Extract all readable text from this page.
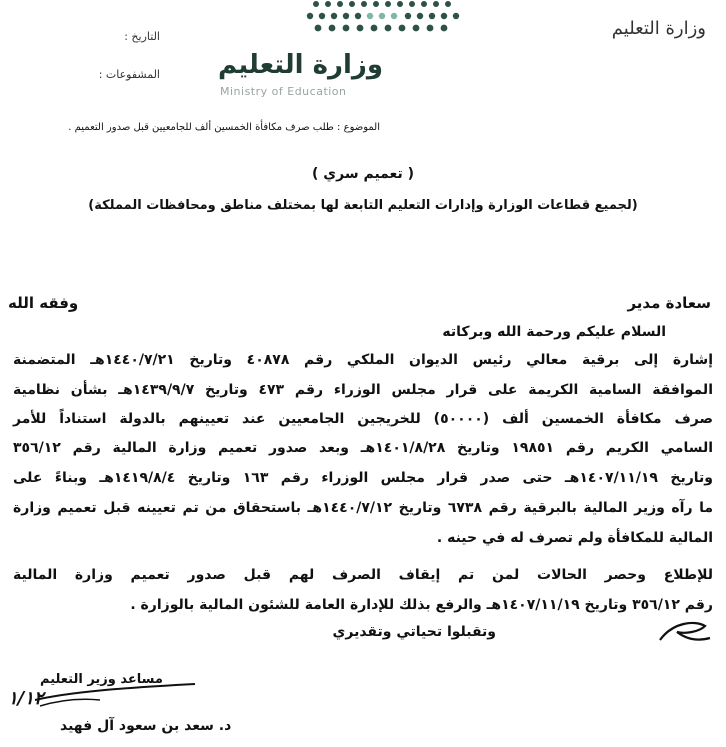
وزارة التعليم
التاريخ :
المشفوعات : وزارة التعليم
Ministry of Education
الموضوع : طلب صرف مكافأة الخمسين ألف للجامعيين قبل صدور التعميم .
( تعميم سري )
(لجميع قطاعات الوزارة وإدارات التعليم التابعة لها بمختلف مناطق ومحافظات المملكة)
سعادة مدير
وفقه الله
السلام عليكم ورحمة الله وبركاته
إشارة إلى برقية معالي رئيس الديوان الملكي رقم ٤٠٨٧٨ وتاريخ ١٤٤٠/٧/٢١هـ المتضمنة
الموافقة السامية الكريمة على قرار مجلس الوزراء رقم ٤٧٣ وتاريخ ١٤٣٩/٩/٧هـ بشأن نظامية
صرف مكافأة الخمسين ألف (٥٠٠٠٠) للخريجين الجامعيين عند تعيينهم بالدولة استناداً للأمر
السامي الكريم رقم ١٩٨٥١ وتاريخ ١٤٠١/٨/٢٨هـ وبعد صدور تعميم وزارة المالية رقم ٣٥٦/١٢
وتاريخ ١٤٠٧/١١/١٩هـ حتى صدر قرار مجلس الوزراء رقم ١٦٣ وتاريخ ١٤١٩/٨/٤هـ وبناءً على
ما رآه وزير المالية بالبرقية رقم ٦٧٣٨ وتاريخ ١٤٤٠/٧/١٢هـ باستحقاق من تم تعيينه قبل تعميم وزارة
المالية للمكافأة ولم تصرف له في حينه .
للإطلاع وحصر الحالات لمن تم إيقاف الصرف لهم قبل صدور تعميم وزارة المالية
رقم ٣٥٦/١٢ وتاريخ ١٤٠٧/١١/١٩هـ والرفع بذلك للإدارة العامة للشئون المالية بالوزارة .
وتقبلوا تحياتي وتقديري
مساعد وزير التعليم
١/١٢
د. سعد بن سعود آل فهيد
